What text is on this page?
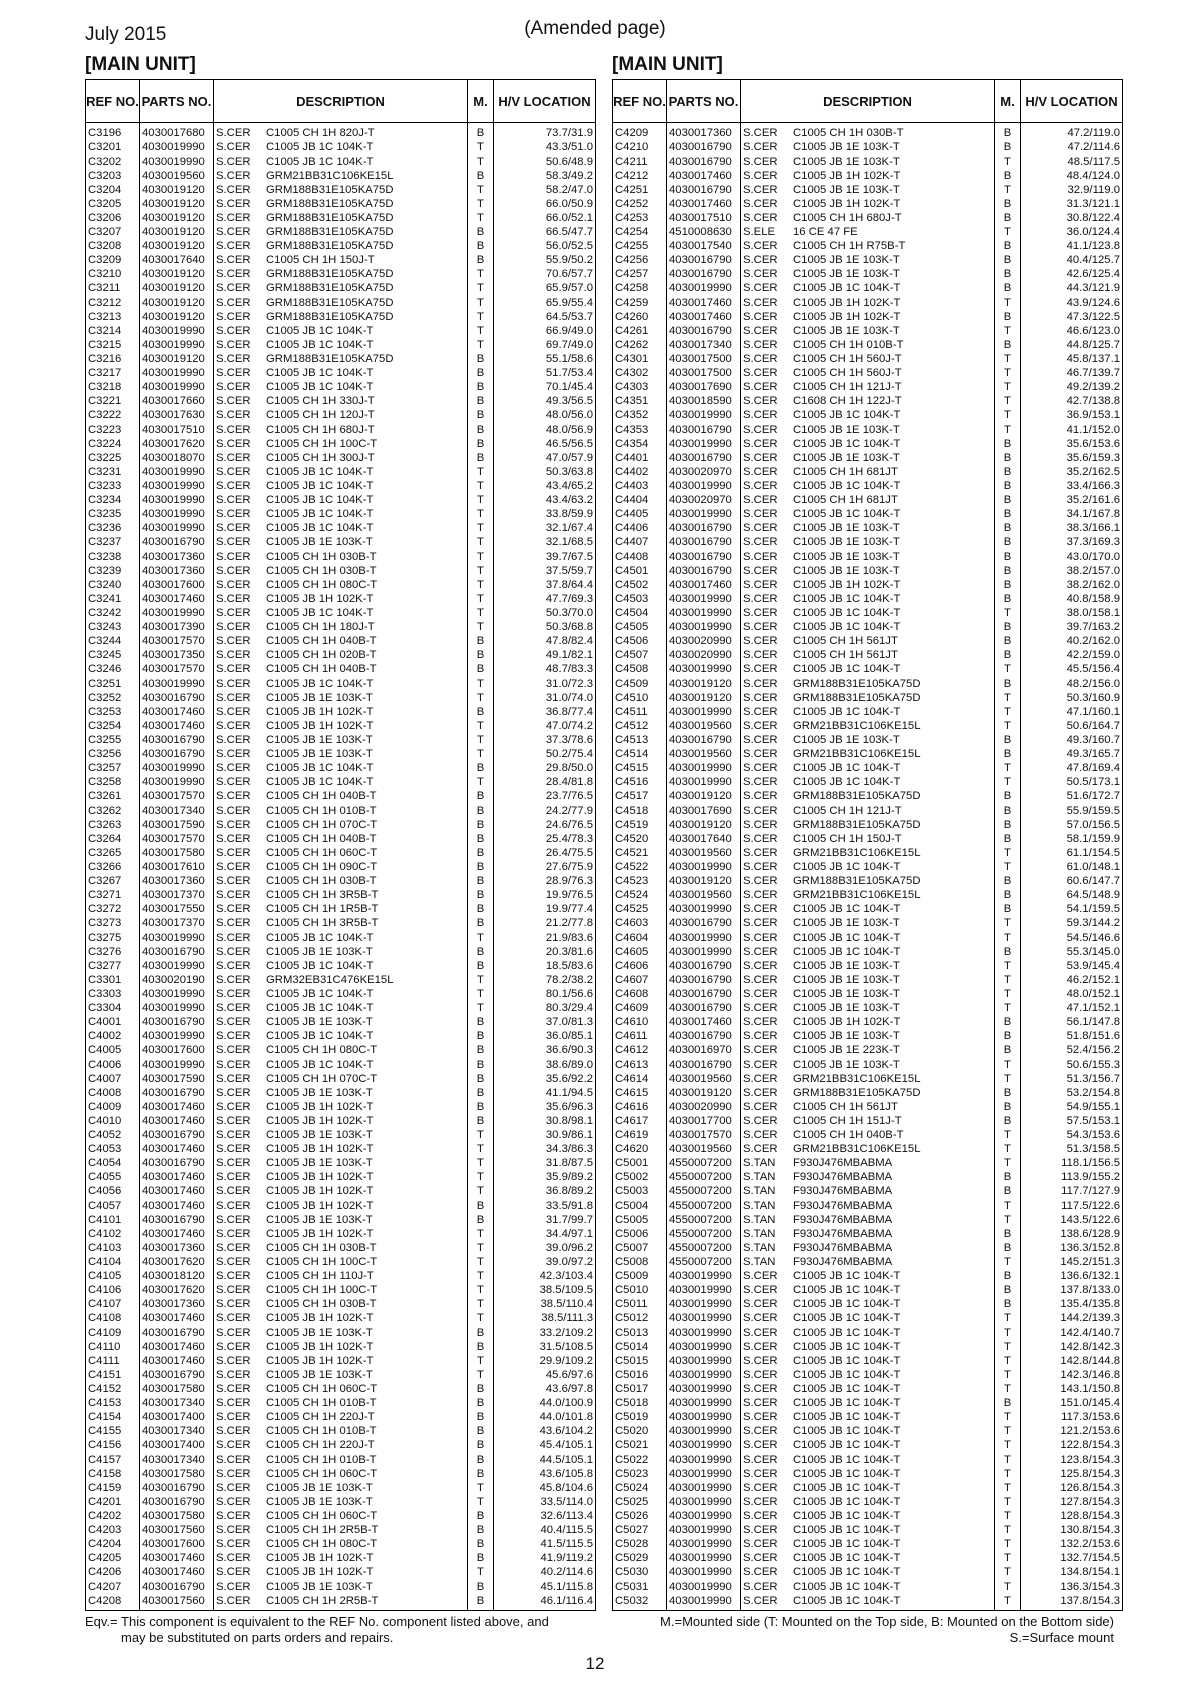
July 2015	(Amended page)
[MAIN UNIT]	[MAIN UNIT]
REF NO.	PARTS NO.	DESCRIPTION	M.	H/V LOCATION
C3196	4030017680	S.CER C1005 CH 1H 820J-T	B	73.7/31.9
C3201	4030019990	S.CER C1005 JB 1C 104K-T	T	43.3/51.0
C3202	4030019990	S.CER C1005 JB 1C 104K-T	T	50.6/48.9
C3203	4030019560	S.CER GRM21BB31C106KE15L	B	58.3/49.2
C3204	4030019120	S.CER GRM188B31E105KA75D	T	58.2/47.0
C3205	4030019120	S.CER GRM188B31E105KA75D	T	66.0/50.9
C3206	4030019120	S.CER GRM188B31E105KA75D	T	66.0/52.1
C3207	4030019120	S.CER GRM188B31E105KA75D	B	66.5/47.7
C3208	4030019120	S.CER GRM188B31E105KA75D	B	56.0/52.5
C3209	4030017640	S.CER C1005 CH 1H 150J-T	B	55.9/50.2
C3210	4030019120	S.CER GRM188B31E105KA75D	T	70.6/57.7
C3211	4030019120	S.CER GRM188B31E105KA75D	T	65.9/57.0
C3212	4030019120	S.CER GRM188B31E105KA75D	T	65.9/55.4
C3213	4030019120	S.CER GRM188B31E105KA75D	T	64.5/53.7
C3214	4030019990	S.CER C1005 JB 1C 104K-T	T	66.9/49.0
C3215	4030019990	S.CER C1005 JB 1C 104K-T	T	69.7/49.0
C3216	4030019120	S.CER GRM188B31E105KA75D	B	55.1/58.6
C3217	4030019990	S.CER C1005 JB 1C 104K-T	B	51.7/53.4
C3218	4030019990	S.CER C1005 JB 1C 104K-T	B	70.1/45.4
C3221	4030017660	S.CER C1005 CH 1H 330J-T	B	49.3/56.5
C3222	4030017630	S.CER C1005 CH 1H 120J-T	B	48.0/56.0
C3223	4030017510	S.CER C1005 CH 1H 680J-T	B	48.0/56.9
C3224	4030017620	S.CER C1005 CH 1H 100C-T	B	46.5/56.5
C3225	4030018070	S.CER C1005 CH 1H 300J-T	B	47.0/57.9
C3231	4030019990	S.CER C1005 JB 1C 104K-T	T	50.3/63.8
C3233	4030019990	S.CER C1005 JB 1C 104K-T	T	43.4/65.2
C3234	4030019990	S.CER C1005 JB 1C 104K-T	T	43.4/63.2
C3235	4030019990	S.CER C1005 JB 1C 104K-T	T	33.8/59.9
C3236	4030019990	S.CER C1005 JB 1C 104K-T	T	32.1/67.4
C3237	4030016790	S.CER C1005 JB 1E 103K-T	T	32.1/68.5
C3238	4030017360	S.CER C1005 CH 1H 030B-T	T	39.7/67.5
C3239	4030017360	S.CER C1005 CH 1H 030B-T	T	37.5/59.7
C3240	4030017600	S.CER C1005 CH 1H 080C-T	T	37.8/64.4
C3241	4030017460	S.CER C1005 JB 1H 102K-T	T	47.7/69.3
C3242	4030019990	S.CER C1005 JB 1C 104K-T	T	50.3/70.0
C3243	4030017390	S.CER C1005 CH 1H 180J-T	T	50.3/68.8
C3244	4030017570	S.CER C1005 CH 1H 040B-T	B	47.8/82.4
C3245	4030017350	S.CER C1005 CH 1H 020B-T	B	49.1/82.1
C3246	4030017570	S.CER C1005 CH 1H 040B-T	B	48.7/83.3
C3251	4030019990	S.CER C1005 JB 1C 104K-T	T	31.0/72.3
C3252	4030016790	S.CER C1005 JB 1E 103K-T	T	31.0/74.0
C3253	4030017460	S.CER C1005 JB 1H 102K-T	B	36.8/77.4
C3254	4030017460	S.CER C1005 JB 1H 102K-T	T	47.0/74.2
C3255	4030016790	S.CER C1005 JB 1E 103K-T	T	37.3/78.6
C3256	4030016790	S.CER C1005 JB 1E 103K-T	T	50.2/75.4
C3257	4030019990	S.CER C1005 JB 1C 104K-T	B	29.8/50.0
C3258	4030019990	S.CER C1005 JB 1C 104K-T	T	28.4/81.8
C3261	4030017570	S.CER C1005 CH 1H 040B-T	B	23.7/76.5
C3262	4030017340	S.CER C1005 CH 1H 010B-T	B	24.2/77.9
C3263	4030017590	S.CER C1005 CH 1H 070C-T	B	24.6/76.5
C3264	4030017570	S.CER C1005 CH 1H 040B-T	B	25.4/78.3
C3265	4030017580	S.CER C1005 CH 1H 060C-T	B	26.4/75.5
C3266	4030017610	S.CER C1005 CH 1H 090C-T	B	27.6/75.9
C3267	4030017360	S.CER C1005 CH 1H 030B-T	B	28.9/76.3
C3271	4030017370	S.CER C1005 CH 1H 3R5B-T	B	19.9/76.5
C3272	4030017550	S.CER C1005 CH 1H 1R5B-T	B	19.9/77.4
C3273	4030017370	S.CER C1005 CH 1H 3R5B-T	B	21.2/77.8
C3275	4030019990	S.CER C1005 JB 1C 104K-T	T	21.9/83.6
C3276	4030016790	S.CER C1005 JB 1E 103K-T	B	20.3/81.6
C3277	4030019990	S.CER C1005 JB 1C 104K-T	B	18.5/83.6
C3301	4030020190	S.CER GRM32EB31C476KE15L	T	78.2/38.2
C3303	4030019990	S.CER C1005 JB 1C 104K-T	T	80.1/56.6
C3304	4030019990	S.CER C1005 JB 1C 104K-T	T	80.3/29.4
C4001	4030016790	S.CER C1005 JB 1E 103K-T	B	37.0/81.3
C4002	4030019990	S.CER C1005 JB 1C 104K-T	B	36.0/85.1
C4005	4030017600	S.CER C1005 CH 1H 080C-T	B	36.6/90.3
C4006	4030019990	S.CER C1005 JB 1C 104K-T	B	38.6/89.0
C4007	4030017590	S.CER C1005 CH 1H 070C-T	B	35.6/92.2
C4008	4030016790	S.CER C1005 JB 1E 103K-T	B	41.1/94.5
C4009	4030017460	S.CER C1005 JB 1H 102K-T	B	35.6/96.3
C4010	4030017460	S.CER C1005 JB 1H 102K-T	B	30.8/98.1
C4052	4030016790	S.CER C1005 JB 1E 103K-T	T	30.9/86.1
C4053	4030017460	S.CER C1005 JB 1H 102K-T	T	34.3/86.3
C4054	4030016790	S.CER C1005 JB 1E 103K-T	T	31.8/87.5
C4055	4030017460	S.CER C1005 JB 1H 102K-T	T	35.9/89.2
C4056	4030017460	S.CER C1005 JB 1H 102K-T	T	36.8/89.2
C4057	4030017460	S.CER C1005 JB 1H 102K-T	B	33.5/91.8
C4101	4030016790	S.CER C1005 JB 1E 103K-T	B	31.7/99.7
C4102	4030017460	S.CER C1005 JB 1H 102K-T	T	34.4/97.1
C4103	4030017360	S.CER C1005 CH 1H 030B-T	T	39.0/96.2
C4104	4030017620	S.CER C1005 CH 1H 100C-T	T	39.0/97.2
C4105	4030018120	S.CER C1005 CH 1H 110J-T	T	42.3/103.4
C4106	4030017620	S.CER C1005 CH 1H 100C-T	T	38.5/109.5
C4107	4030017360	S.CER C1005 CH 1H 030B-T	T	38.5/110.4
C4108	4030017460	S.CER C1005 JB 1H 102K-T	T	38.5/111.3
C4109	4030016790	S.CER C1005 JB 1E 103K-T	B	33.2/109.2
C4110	4030017460	S.CER C1005 JB 1H 102K-T	B	31.5/108.5
C4111	4030017460	S.CER C1005 JB 1H 102K-T	T	29.9/109.2
C4151	4030016790	S.CER C1005 JB 1E 103K-T	T	45.6/97.6
C4152	4030017580	S.CER C1005 CH 1H 060C-T	B	43.6/97.8
C4153	4030017340	S.CER C1005 CH 1H 010B-T	B	44.0/100.9
C4154	4030017400	S.CER C1005 CH 1H 220J-T	B	44.0/101.8
C4155	4030017340	S.CER C1005 CH 1H 010B-T	B	43.6/104.2
C4156	4030017400	S.CER C1005 CH 1H 220J-T	B	45.4/105.1
C4157	4030017340	S.CER C1005 CH 1H 010B-T	B	44.5/105.1
C4158	4030017580	S.CER C1005 CH 1H 060C-T	B	43.6/105.8
C4159	4030016790	S.CER C1005 JB 1E 103K-T	T	45.8/104.6
C4201	4030016790	S.CER C1005 JB 1E 103K-T	T	33.5/114.0
C4202	4030017580	S.CER C1005 CH 1H 060C-T	B	32.6/113.4
C4203	4030017560	S.CER C1005 CH 1H 2R5B-T	B	40.4/115.5
C4204	4030017600	S.CER C1005 CH 1H 080C-T	B	41.5/115.5
C4205	4030017460	S.CER C1005 JB 1H 102K-T	B	41.9/119.2
C4206	4030017460	S.CER C1005 JB 1H 102K-T	T	40.2/114.6
C4207	4030016790	S.CER C1005 JB 1E 103K-T	B	45.1/115.8
C4208	4030017560	S.CER C1005 CH 1H 2R5B-T	B	46.1/116.4
REF NO.	PARTS NO.	DESCRIPTION	M.	H/V LOCATION
C4209	4030017360	S.CER C1005 CH 1H 030B-T	B	47.2/119.0
C4210	4030016790	S.CER C1005 JB 1E 103K-T	B	47.2/114.6
C4211	4030016790	S.CER C1005 JB 1E 103K-T	T	48.5/117.5
C4212	4030017460	S.CER C1005 JB 1H 102K-T	B	48.4/124.0
C4251	4030016790	S.CER C1005 JB 1E 103K-T	T	32.9/119.0
C4252	4030017460	S.CER C1005 JB 1H 102K-T	B	31.3/121.1
C4253	4030017510	S.CER C1005 CH 1H 680J-T	B	30.8/122.4
C4254	4510008630	S.ELE 16 CE 47 FE	T	36.0/124.4
C4255	4030017540	S.CER C1005 CH 1H R75B-T	B	41.1/123.8
C4256	4030016790	S.CER C1005 JB 1E 103K-T	B	40.4/125.7
C4257	4030016790	S.CER C1005 JB 1E 103K-T	B	42.6/125.4
C4258	4030019990	S.CER C1005 JB 1C 104K-T	B	44.3/121.9
C4259	4030017460	S.CER C1005 JB 1H 102K-T	T	43.9/124.6
C4260	4030017460	S.CER C1005 JB 1H 102K-T	B	47.3/122.5
C4261	4030016790	S.CER C1005 JB 1E 103K-T	T	46.6/123.0
C4262	4030017340	S.CER C1005 CH 1H 010B-T	B	44.8/125.7
C4301	4030017500	S.CER C1005 CH 1H 560J-T	T	45.8/137.1
C4302	4030017500	S.CER C1005 CH 1H 560J-T	T	46.7/139.7
C4303	4030017690	S.CER C1005 CH 1H 121J-T	T	49.2/139.2
C4351	4030018590	S.CER C1608 CH 1H 122J-T	T	42.7/138.8
C4352	4030019990	S.CER C1005 JB 1C 104K-T	T	36.9/153.1
C4353	4030016790	S.CER C1005 JB 1E 103K-T	T	41.1/152.0
C4354	4030019990	S.CER C1005 JB 1C 104K-T	B	35.6/153.6
C4401	4030016790	S.CER C1005 JB 1E 103K-T	B	35.6/159.3
C4402	4030020970	S.CER C1005 CH 1H 681JT	B	35.2/162.5
C4403	4030019990	S.CER C1005 JB 1C 104K-T	B	33.4/166.3
C4404	4030020970	S.CER C1005 CH 1H 681JT	B	35.2/161.6
C4405	4030019990	S.CER C1005 JB 1C 104K-T	B	34.1/167.8
C4406	4030016790	S.CER C1005 JB 1E 103K-T	B	38.3/166.1
C4407	4030016790	S.CER C1005 JB 1E 103K-T	B	37.3/169.3
C4408	4030016790	S.CER C1005 JB 1E 103K-T	B	43.0/170.0
C4501	4030016790	S.CER C1005 JB 1E 103K-T	B	38.2/157.0
C4502	4030017460	S.CER C1005 JB 1H 102K-T	B	38.2/162.0
C4503	4030019990	S.CER C1005 JB 1C 104K-T	B	40.8/158.9
C4504	4030019990	S.CER C1005 JB 1C 104K-T	T	38.0/158.1
C4505	4030019990	S.CER C1005 JB 1C 104K-T	B	39.7/163.2
C4506	4030020990	S.CER C1005 CH 1H 561JT	B	40.2/162.0
C4507	4030020990	S.CER C1005 CH 1H 561JT	B	42.2/159.0
C4508	4030019990	S.CER C1005 JB 1C 104K-T	T	45.5/156.4
C4509	4030019120	S.CER GRM188B31E105KA75D	B	48.2/156.0
C4510	4030019120	S.CER GRM188B31E105KA75D	T	50.3/160.9
C4511	4030019990	S.CER C1005 JB 1C 104K-T	T	47.1/160.1
C4512	4030019560	S.CER GRM21BB31C106KE15L	T	50.6/164.7
C4513	4030016790	S.CER C1005 JB 1E 103K-T	B	49.3/160.7
C4514	4030019560	S.CER GRM21BB31C106KE15L	B	49.3/165.7
C4515	4030019990	S.CER C1005 JB 1C 104K-T	T	47.8/169.4
C4516	4030019990	S.CER C1005 JB 1C 104K-T	T	50.5/173.1
C4517	4030019120	S.CER GRM188B31E105KA75D	B	51.6/172.7
C4518	4030017690	S.CER C1005 CH 1H 121J-T	B	55.9/159.5
C4519	4030019120	S.CER GRM188B31E105KA75D	B	57.0/156.5
C4520	4030017640	S.CER C1005 CH 1H 150J-T	B	58.1/159.9
C4521	4030019560	S.CER GRM21BB31C106KE15L	T	61.1/154.5
C4522	4030019990	S.CER C1005 JB 1C 104K-T	T	61.0/148.1
C4523	4030019120	S.CER GRM188B31E105KA75D	B	60.6/147.7
C4524	4030019560	S.CER GRM21BB31C106KE15L	B	64.5/148.9
C4525	4030019990	S.CER C1005 JB 1C 104K-T	B	54.1/159.5
C4603	4030016790	S.CER C1005 JB 1E 103K-T	T	59.3/144.2
C4604	4030019990	S.CER C1005 JB 1C 104K-T	T	54.5/146.6
C4605	4030019990	S.CER C1005 JB 1C 104K-T	B	55.3/145.0
C4606	4030016790	S.CER C1005 JB 1E 103K-T	T	53.9/145.4
C4607	4030016790	S.CER C1005 JB 1E 103K-T	T	46.2/152.1
C4608	4030016790	S.CER C1005 JB 1E 103K-T	T	48.0/152.1
C4609	4030016790	S.CER C1005 JB 1E 103K-T	T	47.1/152.1
C4610	4030017460	S.CER C1005 JB 1H 102K-T	B	56.1/147.8
C4611	4030016790	S.CER C1005 JB 1E 103K-T	B	51.8/151.6
C4612	4030016970	S.CER C1005 JB 1E 223K-T	B	52.4/156.2
C4613	4030016790	S.CER C1005 JB 1E 103K-T	T	50.6/155.3
C4614	4030019560	S.CER GRM21BB31C106KE15L	T	51.3/156.7
C4615	4030019120	S.CER GRM188B31E105KA75D	B	53.2/154.8
C4616	4030020990	S.CER C1005 CH 1H 561JT	B	54.9/155.1
C4617	4030017700	S.CER C1005 CH 1H 151J-T	B	57.5/153.1
C4619	4030017570	S.CER C1005 CH 1H 040B-T	T	54.3/153.6
C4620	4030019560	S.CER GRM21BB31C106KE15L	T	51.3/158.5
C5001	4550007200	S.TAN F930J476MBABMA	T	118.1/156.5
C5002	4550007200	S.TAN F930J476MBABMA	B	113.9/155.2
C5003	4550007200	S.TAN F930J476MBABMA	B	117.7/127.9
C5004	4550007200	S.TAN F930J476MBABMA	T	117.5/122.6
C5005	4550007200	S.TAN F930J476MBABMA	T	143.5/122.6
C5006	4550007200	S.TAN F930J476MBABMA	B	138.6/128.9
C5007	4550007200	S.TAN F930J476MBABMA	B	136.3/152.8
C5008	4550007200	S.TAN F930J476MBABMA	T	145.2/151.3
C5009	4030019990	S.CER C1005 JB 1C 104K-T	B	136.6/132.1
C5010	4030019990	S.CER C1005 JB 1C 104K-T	B	137.8/133.0
C5011	4030019990	S.CER C1005 JB 1C 104K-T	B	135.4/135.8
C5012	4030019990	S.CER C1005 JB 1C 104K-T	T	144.2/139.3
C5013	4030019990	S.CER C1005 JB 1C 104K-T	T	142.4/140.7
C5014	4030019990	S.CER C1005 JB 1C 104K-T	T	142.8/142.3
C5015	4030019990	S.CER C1005 JB 1C 104K-T	T	142.8/144.8
C5016	4030019990	S.CER C1005 JB 1C 104K-T	T	142.3/146.8
C5017	4030019990	S.CER C1005 JB 1C 104K-T	T	143.1/150.8
C5018	4030019990	S.CER C1005 JB 1C 104K-T	B	151.0/145.4
C5019	4030019990	S.CER C1005 JB 1C 104K-T	T	117.3/153.6
C5020	4030019990	S.CER C1005 JB 1C 104K-T	T	121.2/153.6
C5021	4030019990	S.CER C1005 JB 1C 104K-T	T	122.8/154.3
C5022	4030019990	S.CER C1005 JB 1C 104K-T	T	123.8/154.3
C5023	4030019990	S.CER C1005 JB 1C 104K-T	T	125.8/154.3
C5024	4030019990	S.CER C1005 JB 1C 104K-T	T	126.8/154.3
C5025	4030019990	S.CER C1005 JB 1C 104K-T	T	127.8/154.3
C5026	4030019990	S.CER C1005 JB 1C 104K-T	T	128.8/154.3
C5027	4030019990	S.CER C1005 JB 1C 104K-T	T	130.8/154.3
C5028	4030019990	S.CER C1005 JB 1C 104K-T	T	132.2/153.6
C5029	4030019990	S.CER C1005 JB 1C 104K-T	T	132.7/154.5
C5030	4030019990	S.CER C1005 JB 1C 104K-T	T	134.8/154.1
C5031	4030019990	S.CER C1005 JB 1C 104K-T	T	136.3/154.3
C5032	4030019990	S.CER C1005 JB 1C 104K-T	T	137.8/154.3
Eqv.= This component is equivalent to the REF No. component listed above, and
may be substituted on parts orders and repairs.
M.=Mounted side (T: Mounted on the Top side, B: Mounted on the Bottom side)
S.=Surface mount
12
